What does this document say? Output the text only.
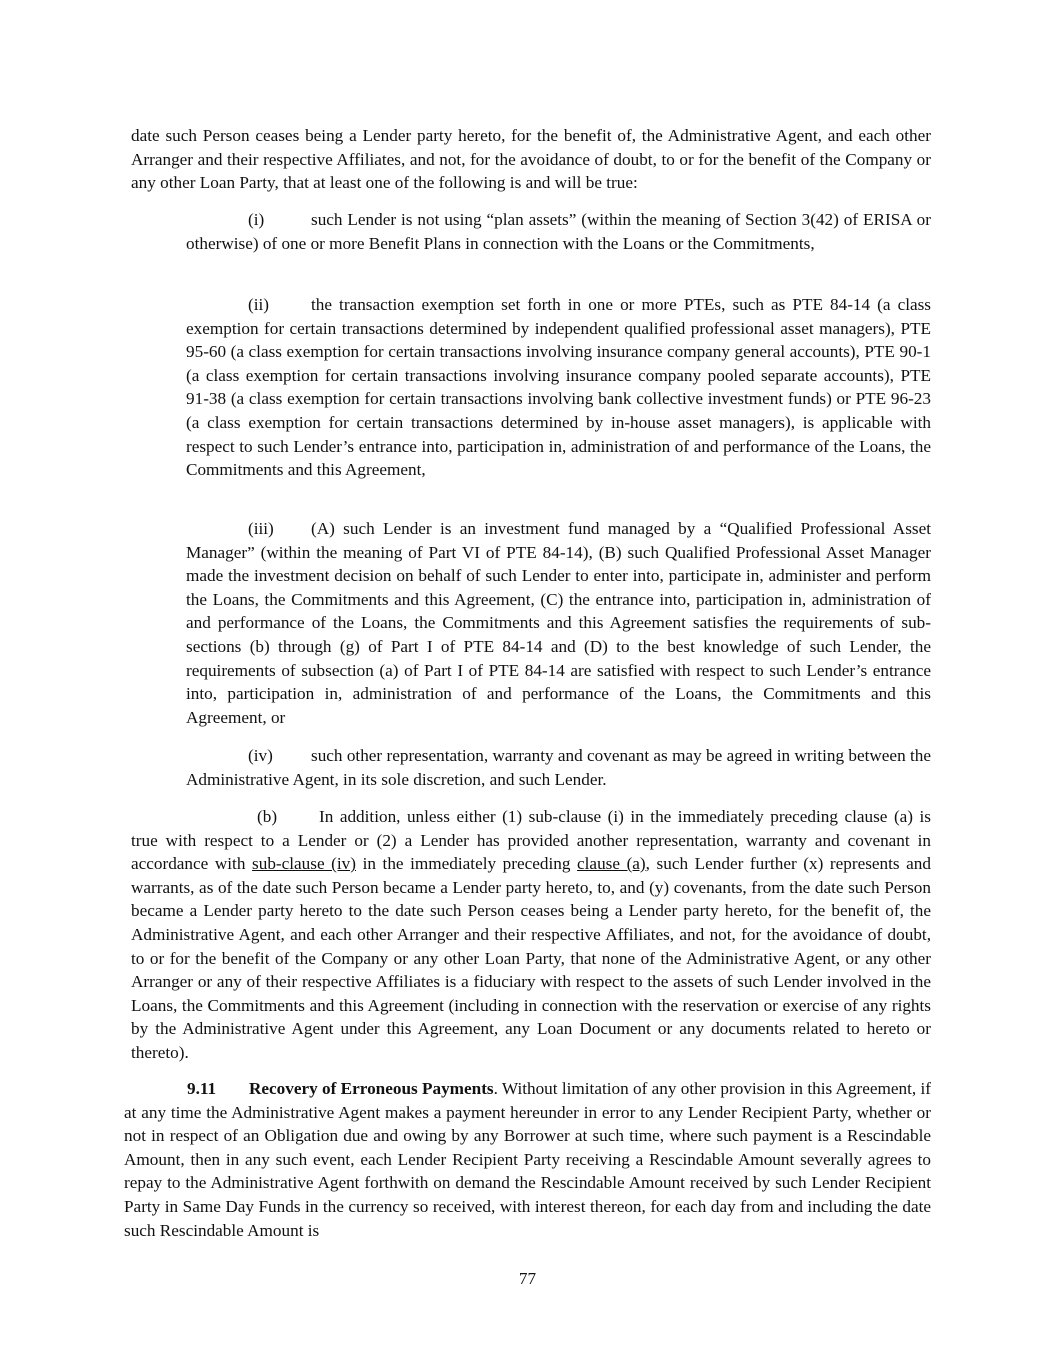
date such Person ceases being a Lender party hereto, for the benefit of, the Administrative Agent, and each other Arranger and their respective Affiliates, and not, for the avoidance of doubt, to or for the benefit of the Company or any other Loan Party, that at least one of the following is and will be true:

(i)	such Lender is not using “plan assets” (within the meaning of Section 3(42) of ERISA or otherwise) of one or more Benefit Plans in connection with the Loans or the Commitments,

(ii) the transaction exemption set forth in one or more PTEs, such as PTE 84-14 (a class exemption for certain transactions determined by independent qualified professional asset managers), PTE 95-60 (a class exemption for certain transactions involving insurance company general accounts), PTE 90-1 (a class exemption for certain transactions involving insurance company pooled separate accounts), PTE 91-38 (a class exemption for certain transactions involving bank collective investment funds) or PTE 96-23 (a class exemption for certain transactions determined by in-house asset managers), is applicable with respect to such Lender’s entrance into, participation in, administration of and performance of the Loans, the Commitments and this Agreement,

(iii) (A) such Lender is an investment fund managed by a “Qualified Professional Asset Manager” (within the meaning of Part VI of PTE 84-14), (B) such Qualified Professional Asset Manager made the investment decision on behalf of such Lender to enter into, participate in, administer and perform the Loans, the Commitments and this Agreement, (C) the entrance into, participation in, administration of and performance of the Loans, the Commitments and this Agreement satisfies the requirements of sub-sections (b) through (g) of Part I of PTE 84-14 and (D) to the best knowledge of such Lender, the requirements of subsection (a) of Part I of PTE 84-14 are satisfied with respect to such Lender’s entrance into, participation in, administration of and performance of the Loans, the Commitments and this Agreement, or

(iv) such other representation, warranty and covenant as may be agreed in writing between the Administrative Agent, in its sole discretion, and such Lender.

(b) In addition, unless either (1) sub-clause (i) in the immediately preceding clause (a) is true with respect to a Lender or (2) a Lender has provided another representation, warranty and covenant in accordance with sub-clause (iv) in the immediately preceding clause (a), such Lender further (x) represents and warrants, as of the date such Person became a Lender party hereto, to, and (y) covenants, from the date such Person became a Lender party hereto to the date such Person ceases being a Lender party hereto, for the benefit of, the Administrative Agent, and each other Arranger and their respective Affiliates, and not, for the avoidance of doubt, to or for the benefit of the Company or any other Loan Party, that none of the Administrative Agent, or any other Arranger or any of their respective Affiliates is a fiduciary with respect to the assets of such Lender involved in the Loans, the Commitments and this Agreement (including in connection with the reservation or exercise of any rights by the Administrative Agent under this Agreement, any Loan Document or any documents related to hereto or thereto).

9.11 Recovery of Erroneous Payments. Without limitation of any other provision in this Agreement, if at any time the Administrative Agent makes a payment hereunder in error to any Lender Recipient Party, whether or not in respect of an Obligation due and owing by any Borrower at such time, where such payment is a Rescindable Amount, then in any such event, each Lender Recipient Party receiving a Rescindable Amount severally agrees to repay to the Administrative Agent forthwith on demand the Rescindable Amount received by such Lender Recipient Party in Same Day Funds in the currency so received, with interest thereon, for each day from and including the date such Rescindable Amount is

77
